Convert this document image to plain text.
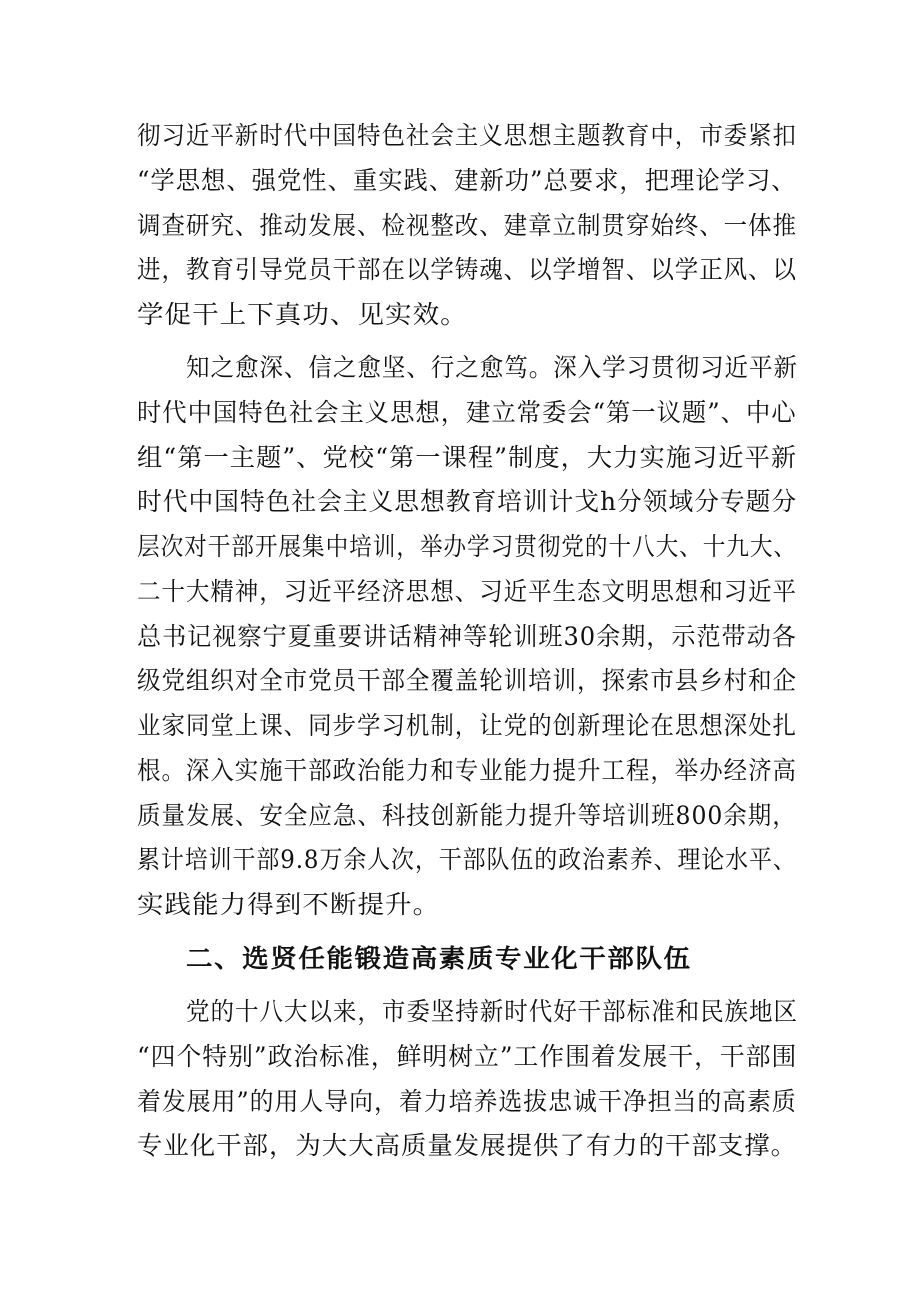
彻习近平新时代中国特色社会主义思想主题教育中，市委紧扣
“学思想、强党性、重实践、建新功”总要求，把理论学习、
调查研究、推动发展、检视整改、建章立制贯穿始终、一体推
进，教育引导党员干部在以学铸魂、以学增智、以学正风、以
学促干上下真功、见实效。
知之愈深、信之愈坚、行之愈笃。深入学习贯彻习近平新
时代中国特色社会主义思想，建立常委会“第一议题”、中心
组“第一主题”、党校“第一课程”制度，大力实施习近平新
时代中国特色社会主义思想教育培训计戈h分领域分专题分
层次对干部开展集中培训，举办学习贯彻党的十八大、十九大、
二十大精神，习近平经济思想、习近平生态文明思想和习近平
总书记视察宁夏重要讲话精神等轮训班30余期，示范带动各
级党组织对全市党员干部全覆盖轮训培训，探索市县乡村和企
业家同堂上课、同步学习机制，让党的创新理论在思想深处扎
根。深入实施干部政治能力和专业能力提升工程，举办经济高
质量发展、安全应急、科技创新能力提升等培训班800余期，
累计培训干部9.8万余人次，干部队伍的政治素养、理论水平、
实践能力得到不断提升。
二、选贤任能锻造高素质专业化干部队伍
党的十八大以来，市委坚持新时代好干部标准和民族地区
“四个特别”政治标准，鲜明树立”工作围着发展干，干部围
着发展用”的用人导向，着力培养选拔忠诚干净担当的高素质
专业化干部，为大大高质量发展提供了有力的干部支撑。
